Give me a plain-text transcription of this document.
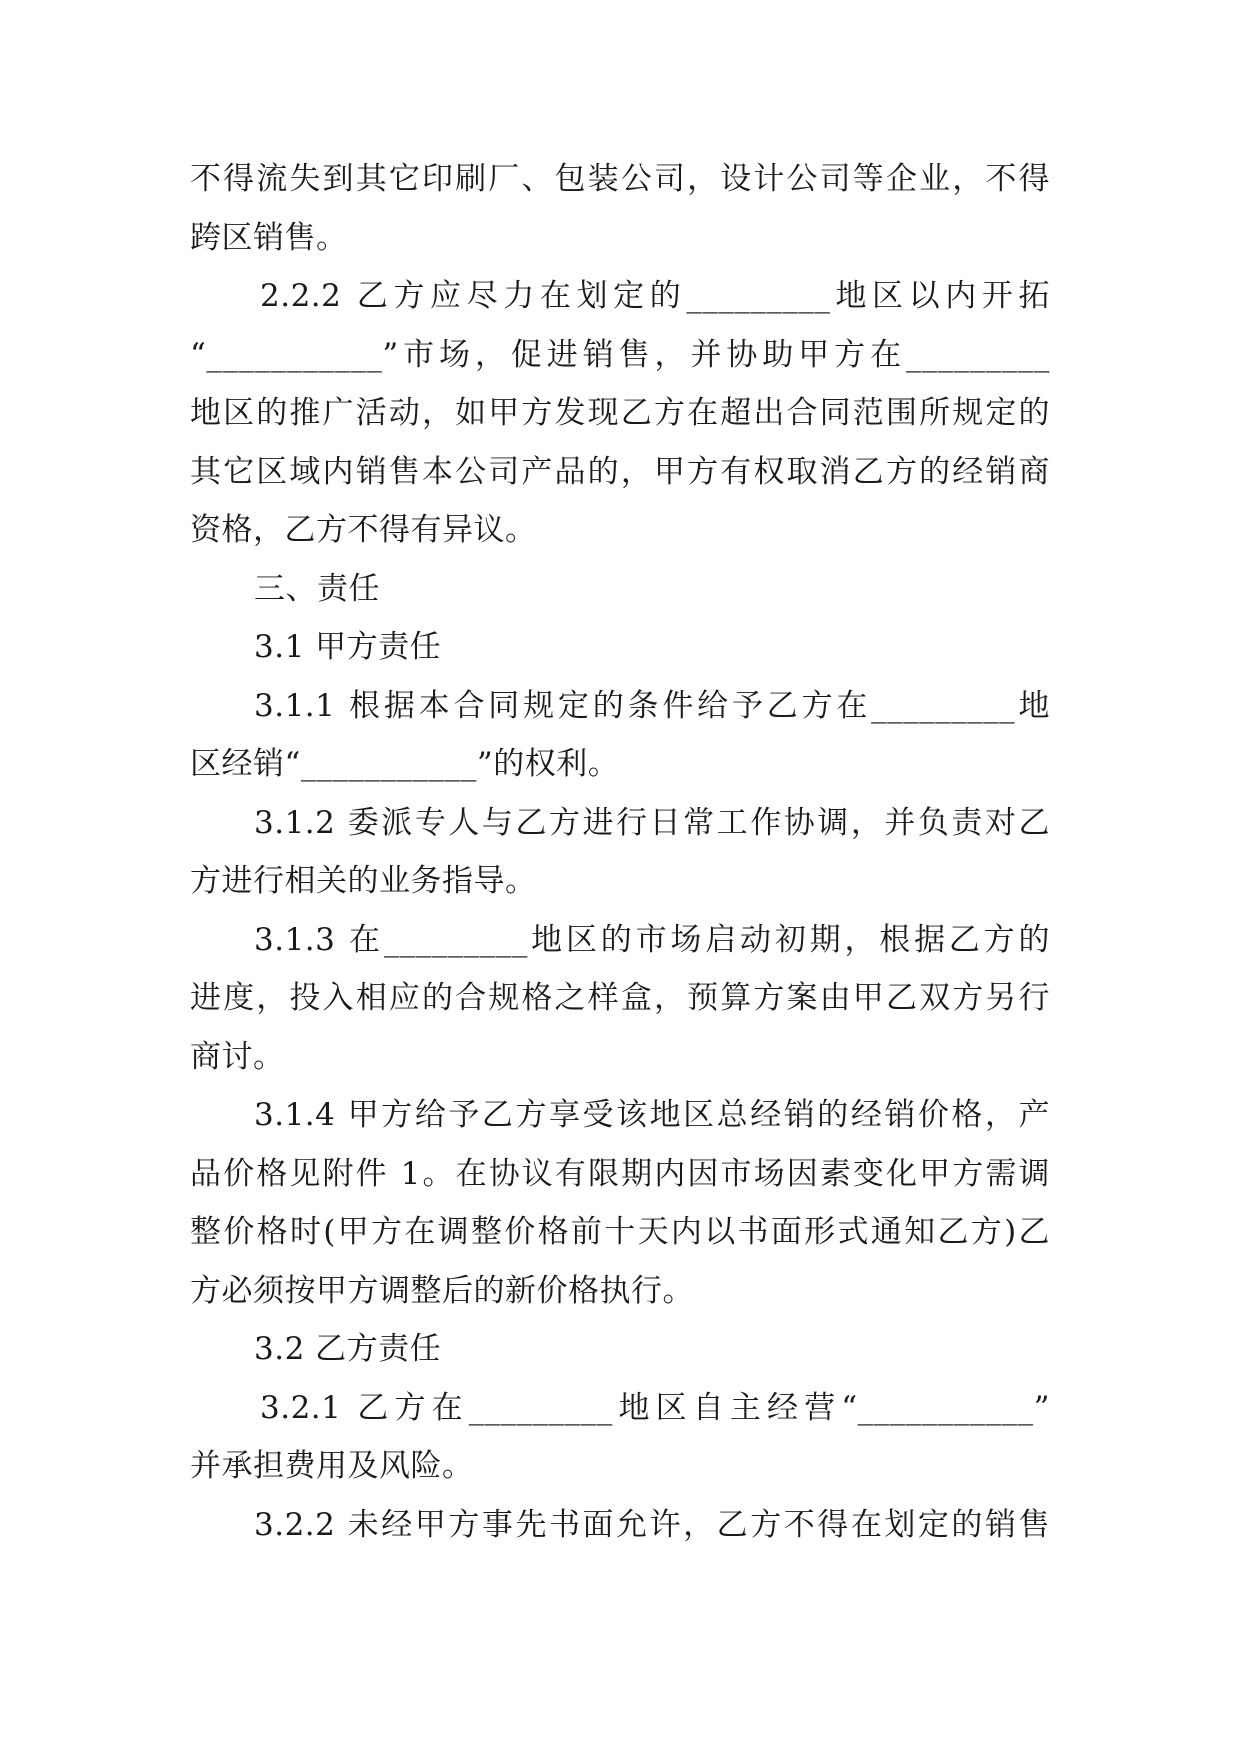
不得流失到其它印刷厂、包装公司，设计公司等企业，不得
跨区销售。
2.2.2 乙方应尽力在划定的_________地区以内开拓
“___________”市场，促进销售，并协助甲方在_________
地区的推广活动，如甲方发现乙方在超出合同范围所规定的
其它区域内销售本公司产品的，甲方有权取消乙方的经销商
资格，乙方不得有异议。
三、责任
3.1 甲方责任
3.1.1 根据本合同规定的条件给予乙方在_________地
区经销“___________”的权利。
3.1.2 委派专人与乙方进行日常工作协调，并负责对乙
方进行相关的业务指导。
3.1.3 在_________地区的市场启动初期，根据乙方的
进度，投入相应的合规格之样盒，预算方案由甲乙双方另行
商讨。
3.1.4 甲方给予乙方享受该地区总经销的经销价格，产
品价格见附件 1。在协议有限期内因市场因素变化甲方需调
整价格时(甲方在调整价格前十天内以书面形式通知乙方)乙
方必须按甲方调整后的新价格执行。
3.2 乙方责任
3.2.1 乙方在_________地区自主经营“___________”
并承担费用及风险。
3.2.2 未经甲方事先书面允许，乙方不得在划定的销售
